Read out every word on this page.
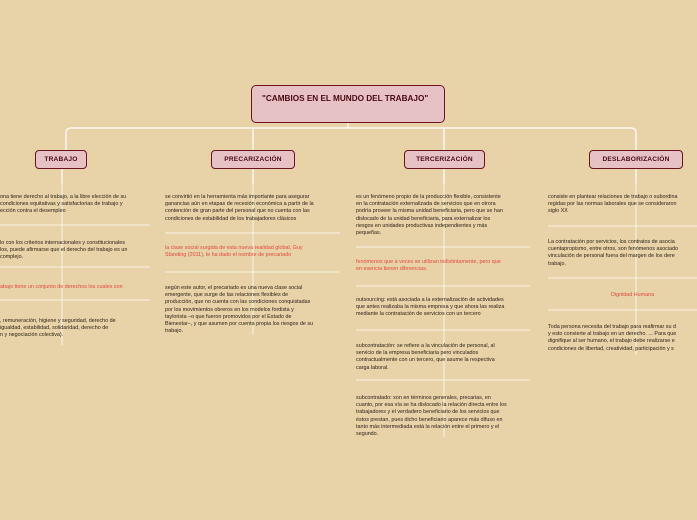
"CAMBIOS EN EL MUNDO DEL TRABAJO"
TRABAJO	PRECARIZACIÓN	TERCERIZACIÓN	DESLABORIZACIÓN
ona tiene derecho al trabajo, a la libre elección de su
condiciones equitativas y satisfactorias de trabajo y
ección contra el desempleo
lo con los criterios internacionales y constitucionales
los, puede afirmarse que el derecho del trabajo es un
complejo.
abajo tiene un conjunto de derechos los cuales son
, remuneración, higiene y seguridad, derecho de
igualdad, estabilidad, solidaridad, derecho de
n y negociación colectiva).
se convirtió en la herramienta más importante para asegurar
ganancias aún en etapas de recesión económica a partir de la
contención de gran parte del personal que no cuenta con las
condiciones de estabilidad de los trabajadores clásicos
la clase social surgida de esta nueva realidad global, Guy
Standing (2011), le ha dado el nombre de precariado
según este autor, el precariado es una nueva clase social
emergente, que surge de las relaciones flexibles de
producción, que no cuenta con las condiciones conquistadas
por los movimientos obreros en los modelos fordista y
taylorista –o que fueron promovidos por el Estado de
Bienestar–, y que asumen por cuenta propia los riesgos de su
trabajo.
es un fenómeno propio de la producción flexible, consistente
en la contratación externalizada de servicios que en otrora
podría proveer la misma unidad beneficiaria, pero que se han
dislocado de la unidad beneficiaria, para externalizar los
riesgos en unidades productivas independientes y más
pequeñas.
fenómenos que a veces se utilizan indistintamente, pero que
en esencia tienen diferencias.
outsourcing: está asociada a la externalización de actividades
que antes realizaba la misma empresa y que ahora las realiza
mediante la contratación de servicios con un tercero
subcontratación: se refiere a la vinculación de personal, al
servicio de la empresa beneficiaria pero vinculados
contractualmente con un tercero, que asume la respectiva
carga laboral.
subcontratado: son en términos generales, precarias, en
cuanto, por esa vía se ha dislocado la relación directa entre los
trabajadores y el verdadero beneficiario de los servicios que
éstos prestan, pues dicho beneficiario aparece más difuso en
tanto más intermediada está la relación entre el primero y el
segundo.
consiste en plantear relaciones de trabajo o subordina
regidas por las normas laborales que se consideraron
siglo XX
La contratación por servicios, los contratos de asocia
cuentapropismo, entre otros, son fenómenos asociado
vinculación de personal fuera del margen de los dere
trabajo.
Dignidad Humana
Toda persona necesita del trabajo para reafirmar su d
y esto convierte al trabajo en un derecho. ... Para que
dignifique al ser humano, el trabajo debe realizarse e
condiciones de libertad, creatividad, participación y s
